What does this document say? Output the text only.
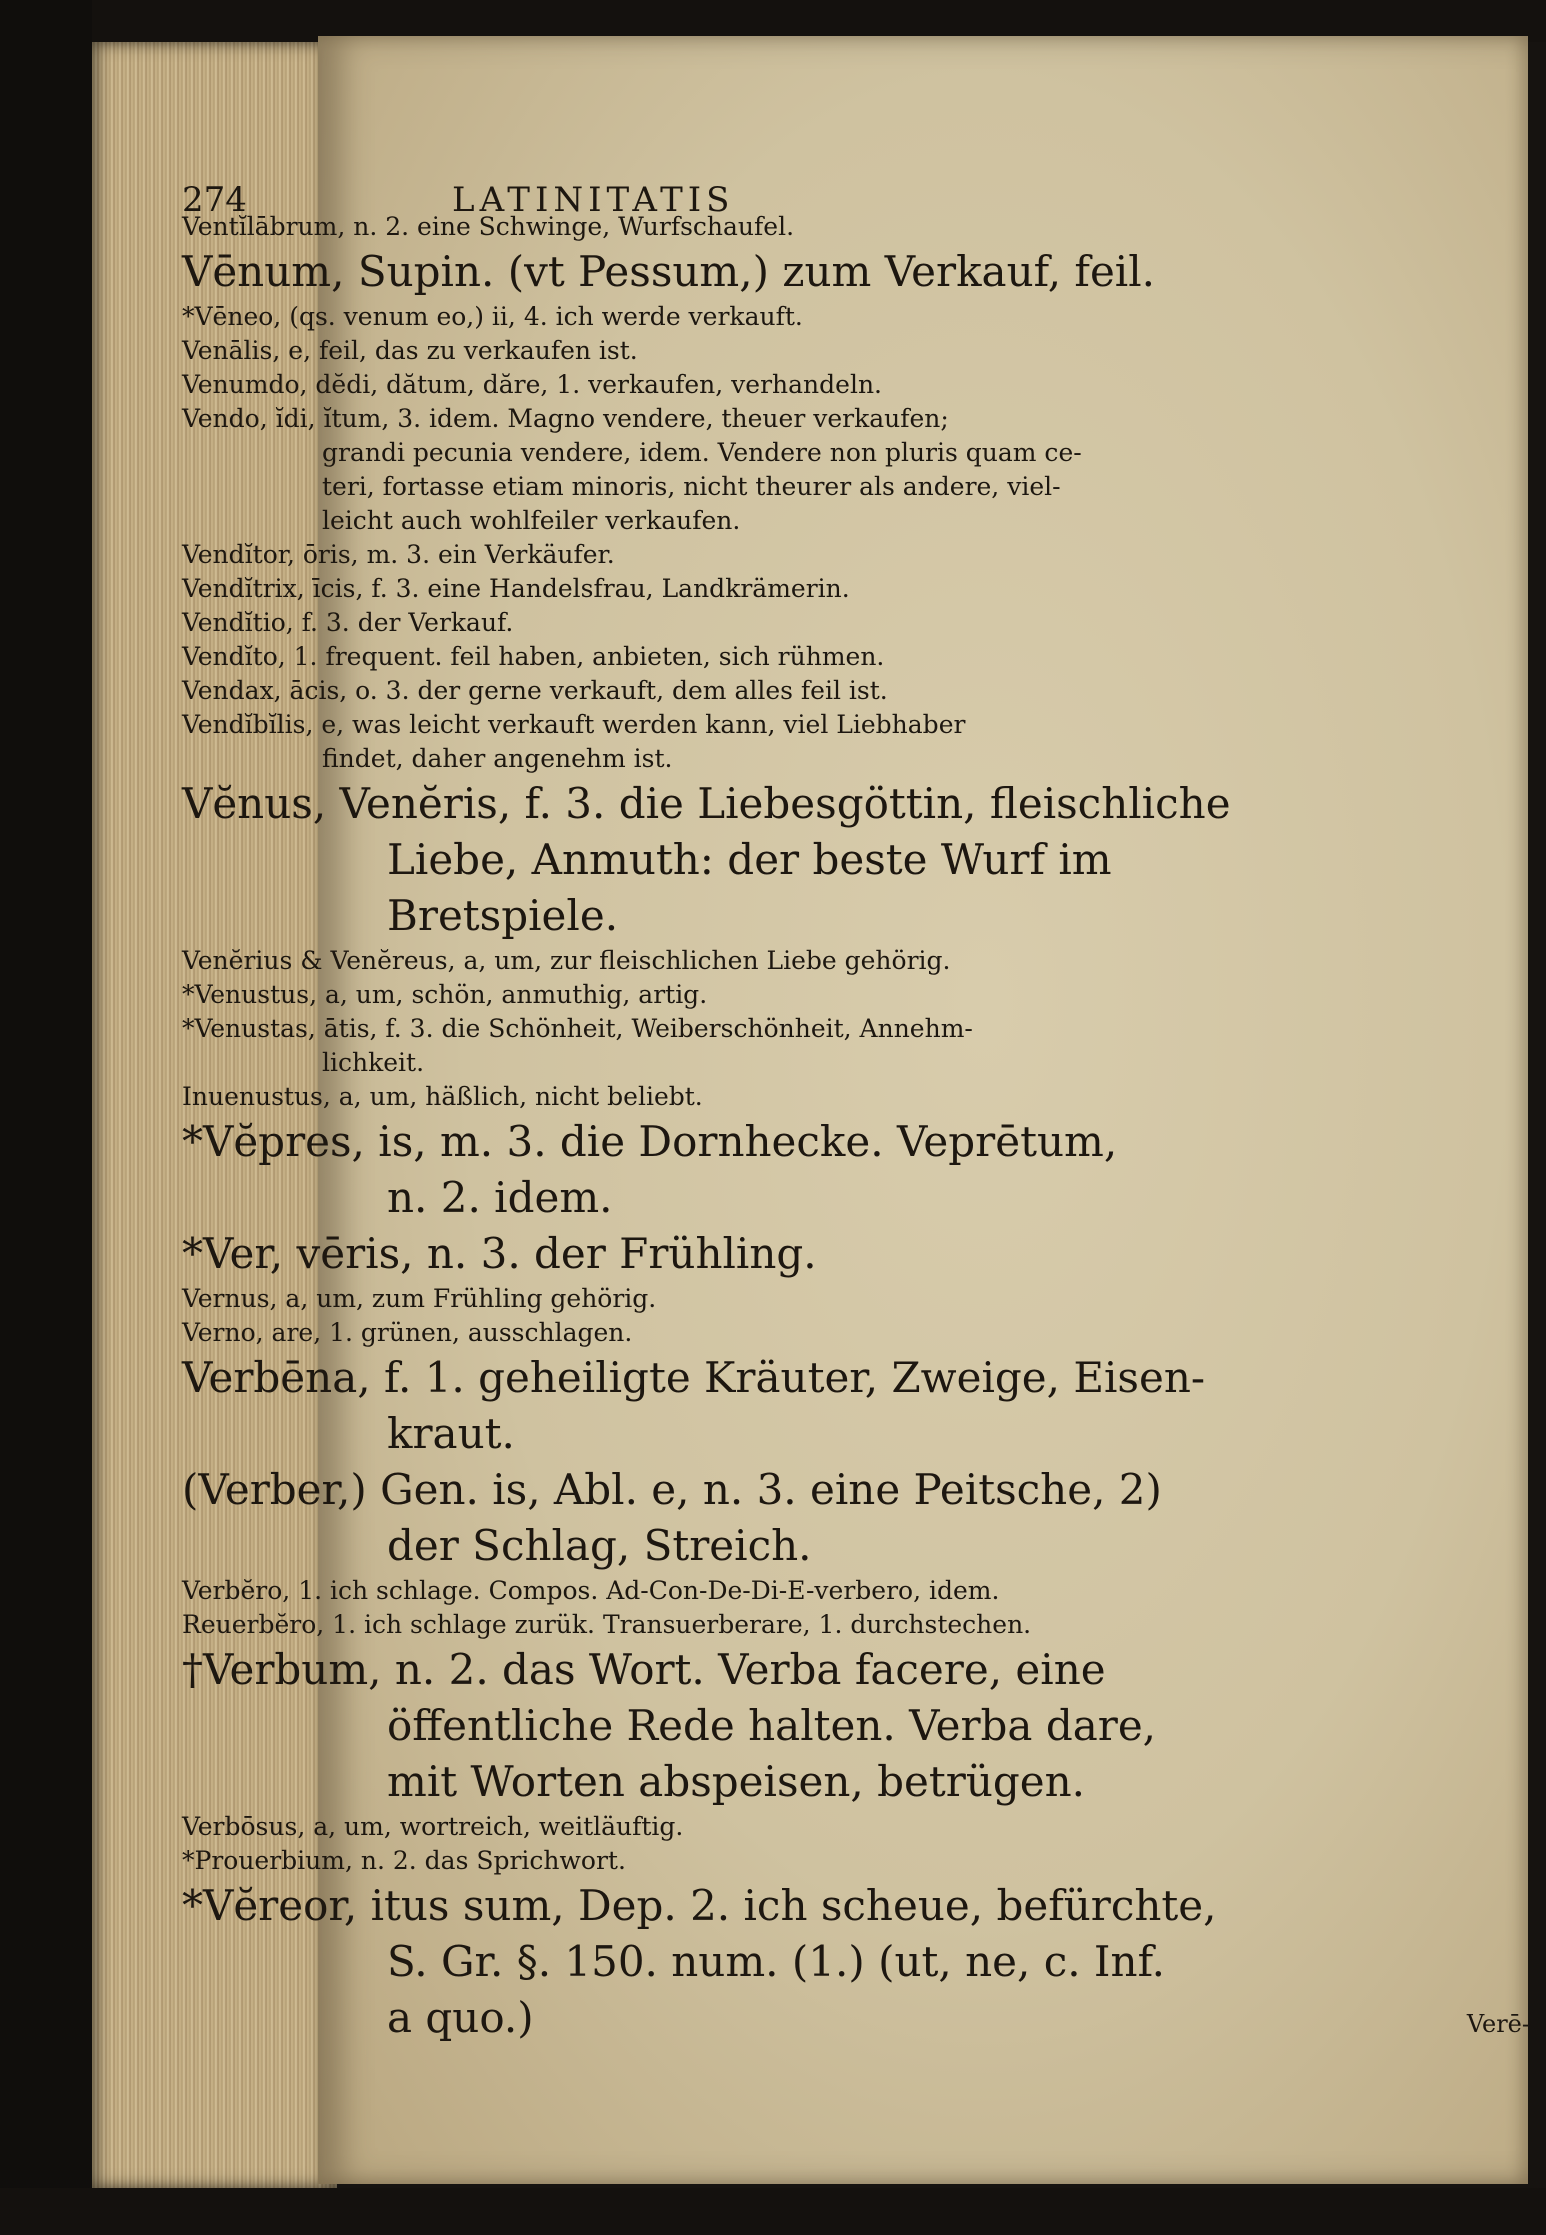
274	LATINITATIS
Ventĭlābrum, n. 2. eine Schwinge, Wurfschaufel.
Vēnum, Supin. (vt Pessum,) zum Verkauf, feil.
*Vēneo, (qs. venum eo,) ii, 4. ich werde verkauft.
Venālis, e, feil, das zu verkaufen ist.
Venumdo, dĕdi, dătum, dăre, 1. verkaufen, verhandeln.
Vendo, ĭdi, ĭtum, 3. idem. Magno vendere, theuer verkaufen;
grandi pecunia vendere, idem. Vendere non pluris quam ce-
teri, fortasse etiam minoris, nicht theurer als andere, viel-
leicht auch wohlfeiler verkaufen.
Vendĭtor, ōris, m. 3. ein Verkäufer.
Vendĭtrix, īcis, f. 3. eine Handelsfrau, Landkrämerin.
Vendĭtio, f. 3. der Verkauf.
Vendĭto, 1. frequent. feil haben, anbieten, sich rühmen.
Vendax, ācis, o. 3. der gerne verkauft, dem alles feil ist.
Vendĭbĭlis, e, was leicht verkauft werden kann, viel Liebhaber
findet, daher angenehm ist.
Vĕnus, Venĕris, f. 3. die Liebesgöttin, fleischliche
Liebe, Anmuth: der beste Wurf im
Bretspiele.
Venĕrius & Venĕreus, a, um, zur fleischlichen Liebe gehörig.
*Venustus, a, um, schön, anmuthig, artig.
*Venustas, ātis, f. 3. die Schönheit, Weiberschönheit, Annehm-
lichkeit.
Inuenustus, a, um, häßlich, nicht beliebt.
*Vĕpres, is, m. 3. die Dornhecke. Veprētum,
n. 2. idem.
*Ver, vēris, n. 3. der Frühling.
Vernus, a, um, zum Frühling gehörig.
Verno, are, 1. grünen, ausschlagen.
Verbēna, f. 1. geheiligte Kräuter, Zweige, Eisen-
kraut.
(Verber,) Gen. is, Abl. e, n. 3. eine Peitsche, 2)
der Schlag, Streich.
Verbĕro, 1. ich schlage. Compos. Ad-Con-De-Di-E-verbero, idem.
Reuerbĕro, 1. ich schlage zurük. Transuerberare, 1. durchstechen.
†Verbum, n. 2. das Wort. Verba facere, eine
öffentliche Rede halten. Verba dare,
mit Worten abspeisen, betrügen.
Verbōsus, a, um, wortreich, weitläuftig.
*Prouerbium, n. 2. das Sprichwort.
*Vĕreor, itus sum, Dep. 2. ich scheue, befürchte,
S. Gr. §. 150. num. (1.) (ut, ne, c. Inf.
a quo.)	Verē-
